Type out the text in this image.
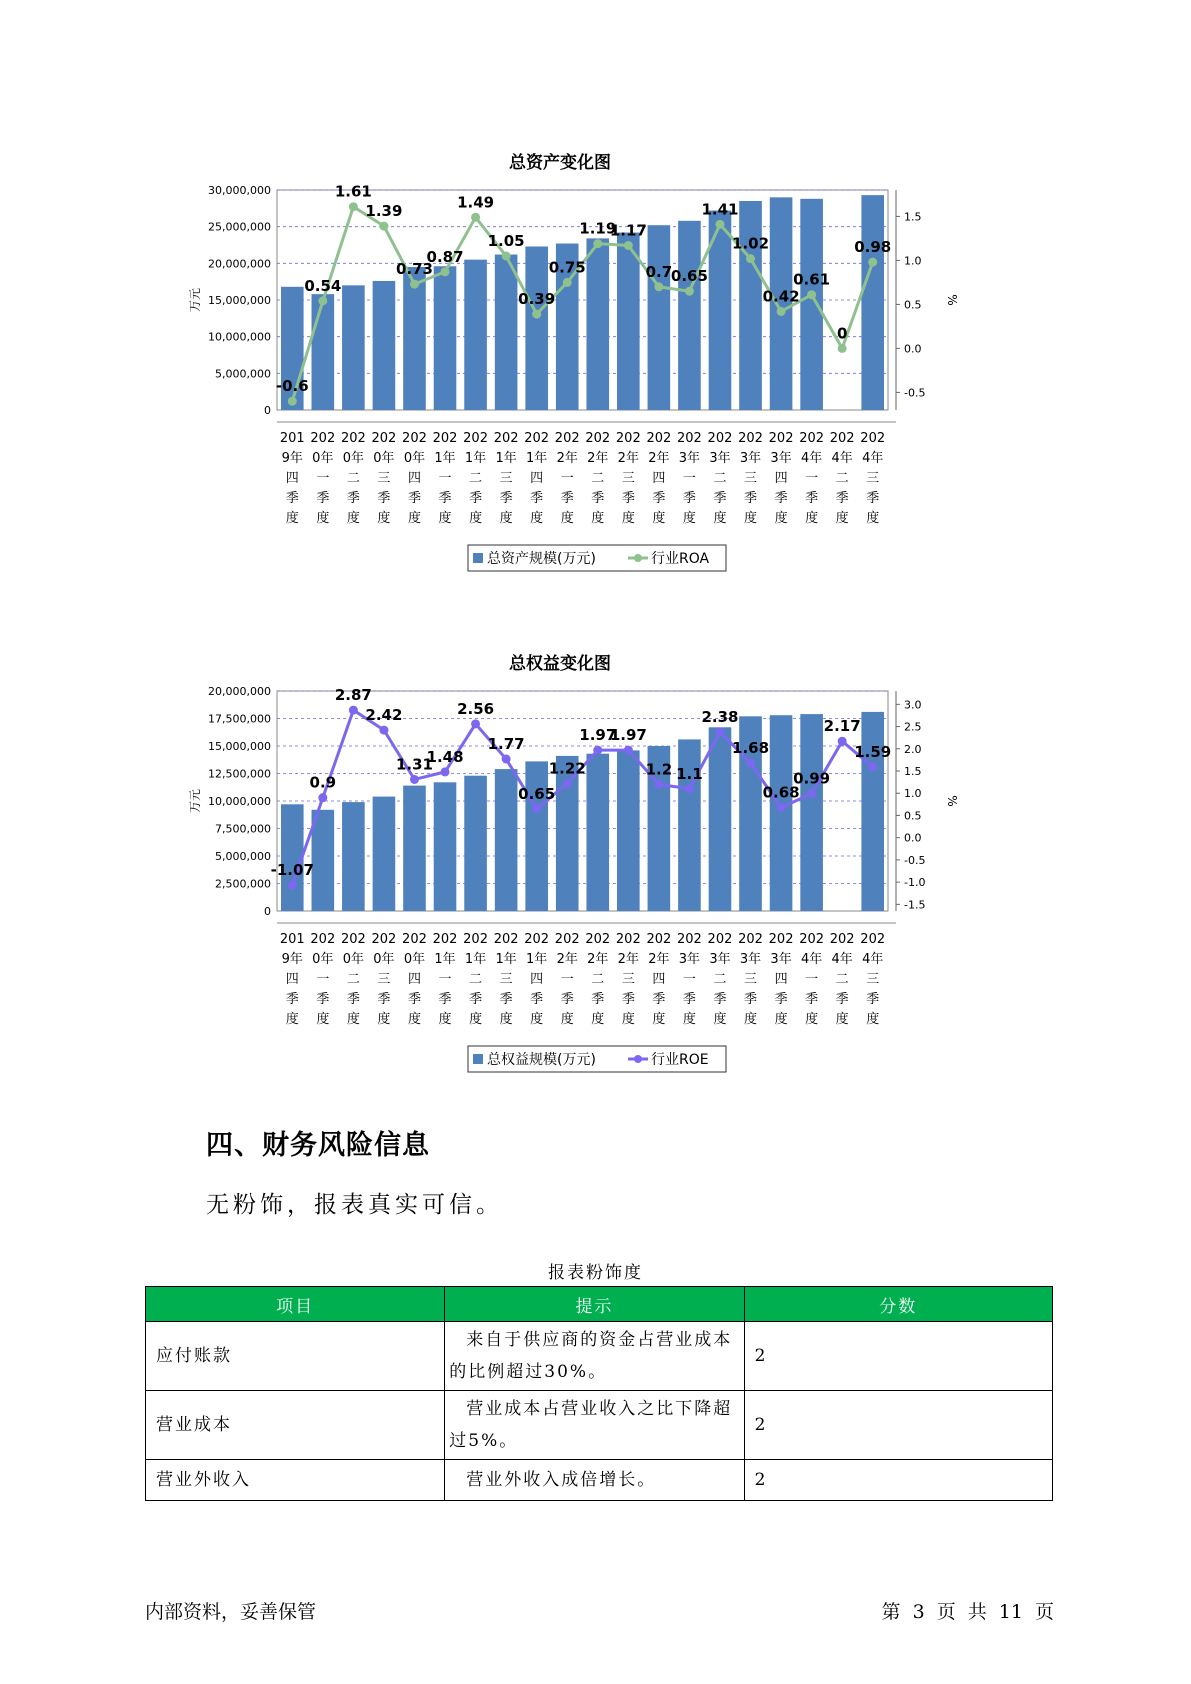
总资产变化图
0
5,000,000
10,000,000
15,000,000
20,000,000
25,000,000
30,000,000
万元
-0.5
0.0
0.5
1.0
1.5
%
201
9年
四
季
度
202
0年
一
季
度
202
0年
二
季
度
202
0年
三
季
度
202
0年
四
季
度
202
1年
一
季
度
202
1年
二
季
度
202
1年
三
季
度
202
1年
四
季
度
202
2年
一
季
度
202
2年
二
季
度
202
2年
三
季
度
202
2年
四
季
度
202
3年
一
季
度
202
3年
二
季
度
202
3年
三
季
度
202
3年
四
季
度
202
4年
一
季
度
202
4年
二
季
度
202
4年
三
季
度
-0.6
0.54
1.61
1.39
0.73
0.87
1.49
1.05
0.39
0.75
1.19
1.17
0.7
0.65
1.41
1.02
0.42
0.61
0
0.98
总资产规模(万元)	行业ROA
总权益变化图
0
2,500,000
5,000,000
7,500,000
10,000,000
12,500,000
15,000,000
17,500,000
20,000,000
万元
-1.5
-1.0
-0.5
0.0
0.5
1.0
1.5
2.0
2.5
3.0
%
201
9年
四
季
度
202
0年
一
季
度
202
0年
二
季
度
202
0年
三
季
度
202
0年
四
季
度
202
1年
一
季
度
202
1年
二
季
度
202
1年
三
季
度
202
1年
四
季
度
202
2年
一
季
度
202
2年
二
季
度
202
2年
三
季
度
202
2年
四
季
度
202
3年
一
季
度
202
3年
二
季
度
202
3年
三
季
度
202
3年
四
季
度
202
4年
一
季
度
202
4年
二
季
度
202
4年
三
季
度
-1.07
0.9
2.87
2.42
1.31
1.48
2.56
1.77
0.65
1.22
1.97
1.97
1.2 1.1
2.38
1.68
0.68
0.99
2.17
1.59
总权益规模(万元)	行业ROE
四、财务风险信息
无粉饰，报表真实可信。
报表粉饰度
项目	提示	分数
应付账款	来自于供应商的资金占营业成本的比例超过30%。	2
营业成本	营业成本占营业收入之比下降超过5%。	2
营业外收入	营业外收入成倍增长。	2
内部资料，妥善保管	第 3 页 共 11 页
